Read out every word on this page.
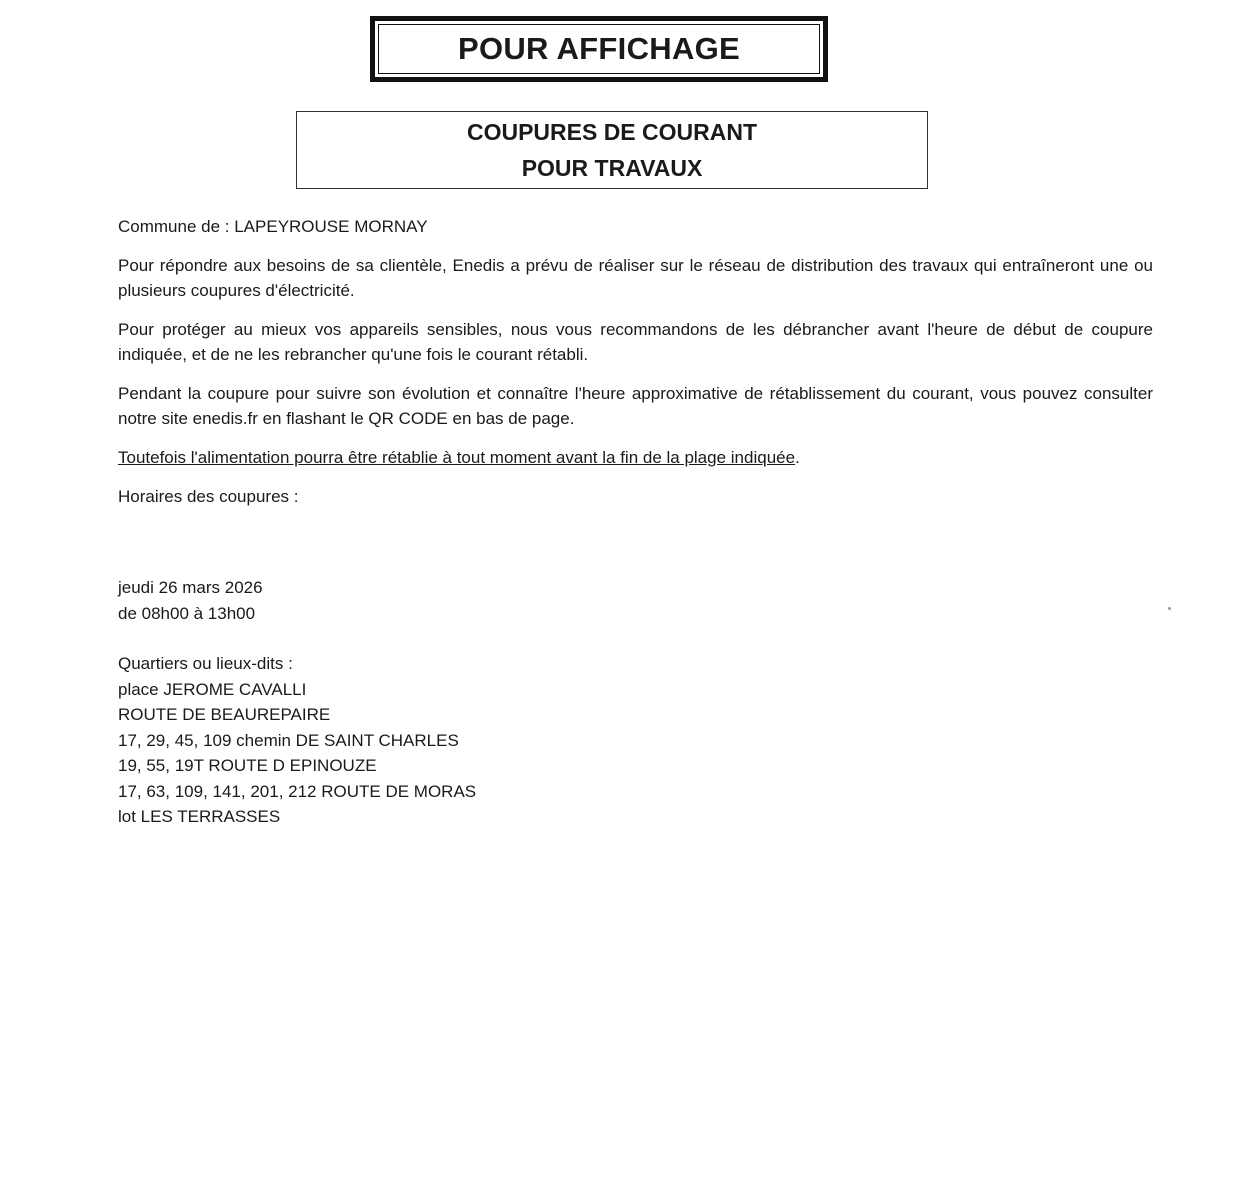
POUR AFFICHAGE
COUPURES DE COURANT
POUR TRAVAUX

Commune de : LAPEYROUSE MORNAY

Pour répondre aux besoins de sa clientèle, Enedis a prévu de réaliser sur le réseau de distribution des travaux qui entraîneront une ou plusieurs coupures d'électricité.

Pour protéger au mieux vos appareils sensibles, nous vous recommandons de les débrancher avant l'heure de début de coupure indiquée, et de ne les rebrancher qu'une fois le courant rétabli.

Pendant la coupure pour suivre son évolution et connaître l'heure approximative de rétablissement du courant, vous pouvez consulter notre site enedis.fr en flashant le QR CODE en bas de page.

Toutefois l'alimentation pourra être rétablie à tout moment avant la fin de la plage indiquée.

Horaires des coupures :

jeudi 26 mars 2026
de 08h00 à 13h00
Quartiers ou lieux-dits :
place JEROME CAVALLI
ROUTE DE BEAUREPAIRE
17, 29, 45, 109 chemin DE SAINT CHARLES
19, 55, 19T ROUTE D EPINOUZE
17, 63, 109, 141, 201, 212 ROUTE DE MORAS
lot LES TERRASSES
